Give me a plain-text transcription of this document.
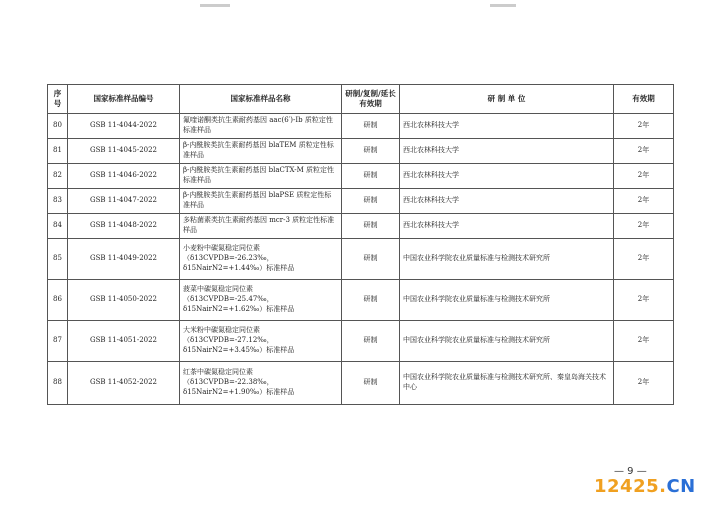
序号	国家标准样品编号	国家标准样品名称	研制/复制/延长有效期	研 制 单 位	有效期
80	GSB 11-4044-2022	氟喹诺酮类抗生素耐药基因 aac(6′)-Ib 质粒定性标准样品	研制	西北农林科技大学	2年
81	GSB 11-4045-2022	β-内酰胺类抗生素耐药基因 blaTEM 质粒定性标准样品	研制	西北农林科技大学	2年
82	GSB 11-4046-2022	β-内酰胺类抗生素耐药基因 blaCTX-M 质粒定性标准样品	研制	西北农林科技大学	2年
83	GSB 11-4047-2022	β-内酰胺类抗生素耐药基因 blaPSE 质粒定性标准样品	研制	西北农林科技大学	2年
84	GSB 11-4048-2022	多粘菌素类抗生素耐药基因 mcr-3 质粒定性标准样品	研制	西北农林科技大学	2年
85	GSB 11-4049-2022	小麦粉中碳氮稳定同位素（δ13CVPDB=-26.23‰，δ15NairN2=+1.44‰）标准样品	研制	中国农业科学院农业质量标准与检测技术研究所	2年
86	GSB 11-4050-2022	菠菜中碳氮稳定同位素（δ13CVPDB=-25.47‰，δ15NairN2=+1.62‰）标准样品	研制	中国农业科学院农业质量标准与检测技术研究所	2年
87	GSB 11-4051-2022	大米粉中碳氮稳定同位素（δ13CVPDB=-27.12‰，δ15NairN2=+3.45‰）标准样品	研制	中国农业科学院农业质量标准与检测技术研究所	2年
88	GSB 11-4052-2022	红茶中碳氮稳定同位素（δ13CVPDB=-22.38‰，δ15NairN2=+1.90‰）标准样品	研制	中国农业科学院农业质量标准与检测技术研究所、秦皇岛海关技术中心	2年
— 9 —
12425.CN
